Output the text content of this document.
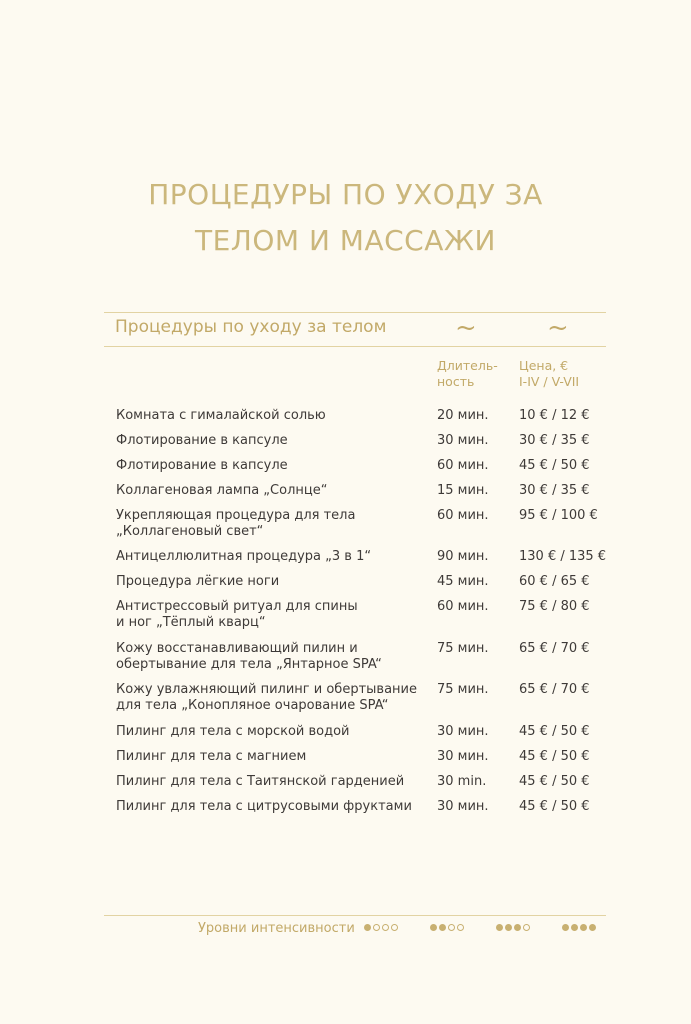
ПРОЦЕДУРЫ ПО УХОДУ ЗА
ТЕЛОМ И МАССАЖИ
Процедуры по уходу за телом	~	~
Длитель-
ность
Цена, €
I-IV / V-VII
Комната с гималайской солью	20 мин. 10 € / 12 €
Флотирование в капсуле	30 мин. 30 € / 35 €
Флотирование в капсуле	60 мин. 45 € / 50 €
Коллагеновая лампа „Солнце“	15 мин. 30 € / 35 €
Укрепляющая процедура для тела
„Коллагеновый свет“
60 мин. 95 € / 100 €
Антицеллюлитная процедура „3 в 1“	90 мин. 130 € / 135 €
Процедура лёгкие ноги	45 мин. 60 € / 65 €
Антистрессовый ритуал для спины
и ног „Тёплый кварц“
60 мин. 75 € / 80 €
Кожу восстанавливающий пилин и
обертывание для тела „Янтарное SPA“
75 мин. 65 € / 70 €
Кожу увлажняющий пилинг и обертывание
для тела „Конопляное очарование SPA“
75 мин. 65 € / 70 €
Пилинг для тела с морской водой	30 мин. 45 € / 50 €
Пилинг для тела с магнием	30 мин. 45 € / 50 €
Пилинг для тела с Таитянской гарденией	30 min.	45 € / 50 €
Пилинг для тела с цитрусовыми фруктами	30 мин. 45 € / 50 €
Уровни интенсивности
